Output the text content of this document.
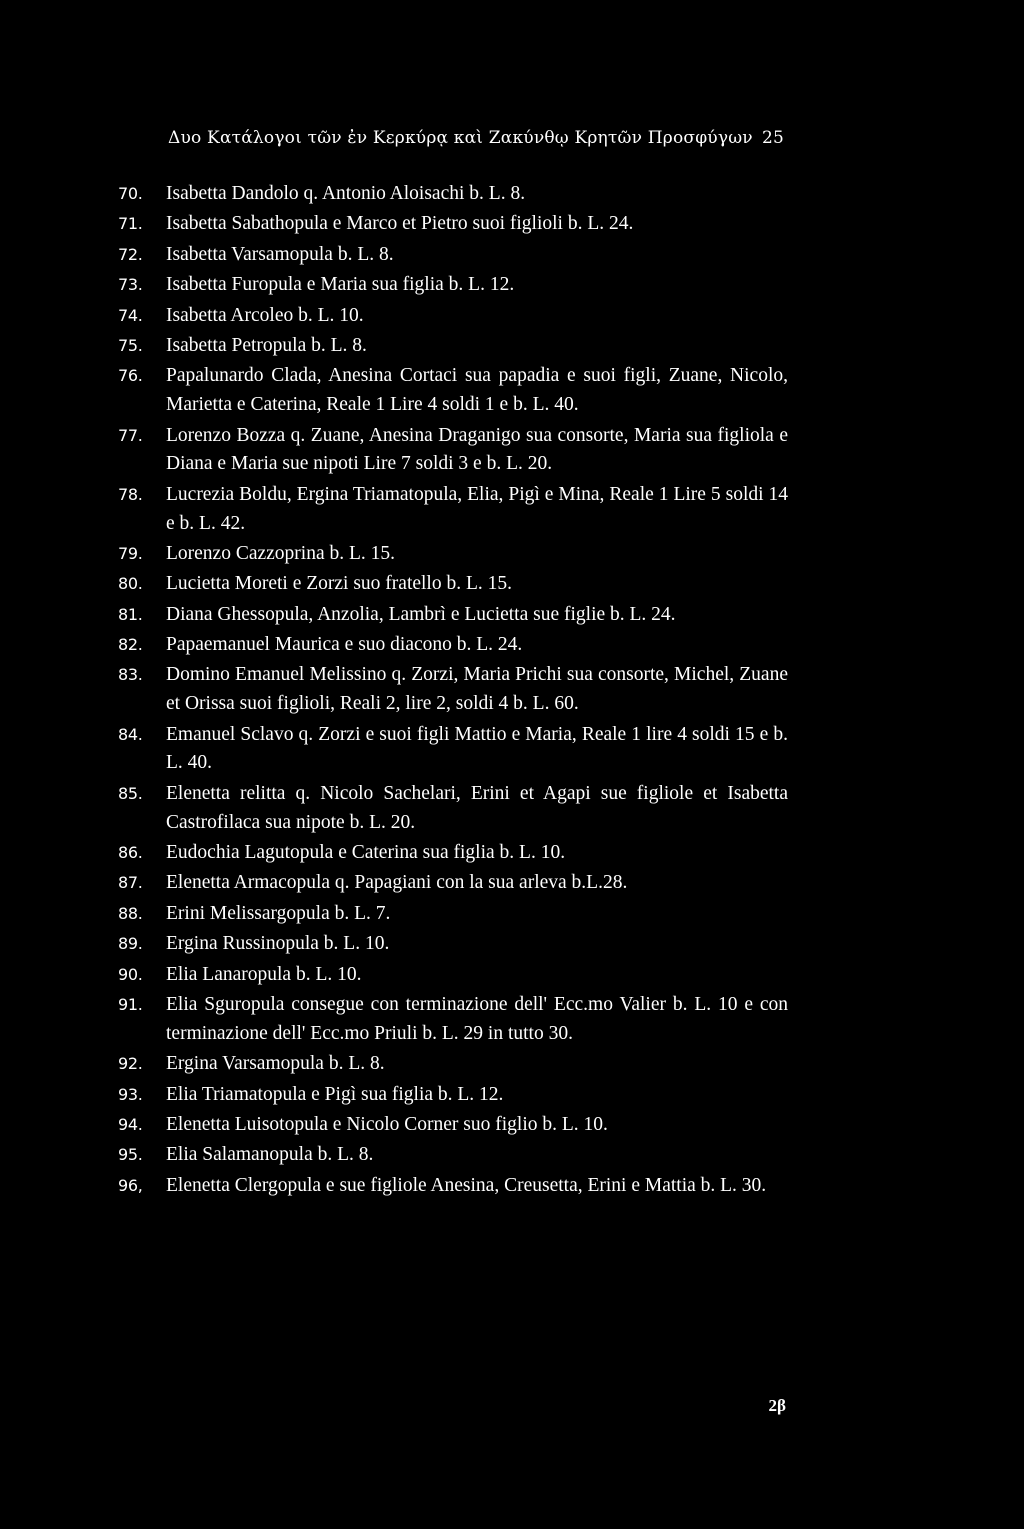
Δυο Κατάλογοι τῶν ἐν Κερκύρᾳ καὶ Ζακύνθῳ Κρητῶν Προσφύγων 25
70.	Isabetta Dandolo q. Antonio Aloisachi b. L. 8.
71.	Isabetta Sabathopula e Marco et Pietro suoi figlioli b. L. 24.
72.	Isabetta Varsamopula b. L. 8.
73.	Isabetta Furopula e Maria sua figlia b. L. 12.
74.	Isabetta Arcoleo b. L. 10.
75.	Isabetta Petropula b. L. 8.
76.	Papalunardo Clada, Anesina Cortaci sua papadia e suoi figli, Zuane, Nicolo, Marietta e Caterina, Reale 1 Lire 4 soldi 1 e b. L. 40.
77.	Lorenzo Bozza q. Zuane, Anesina Draganigo sua consorte, Maria sua figliola e Diana e Maria sue nipoti Lire 7 soldi 3 e b. L. 20.
78.	Lucrezia Boldu, Ergina Triamatopula, Elia, Pigì e Mina, Reale 1 Lire 5 soldi 14 e b. L. 42.
79.	Lorenzo Cazzoprina b. L. 15.
80.	Lucietta Moreti e Zorzi suo fratello b. L. 15.
81.	Diana Ghessopula, Anzolia, Lambrì e Lucietta sue figlie b. L. 24.
82.	Papaemanuel Maurica e suo diacono b. L. 24.
83.	Domino Emanuel Melissino q. Zorzi, Maria Prichi sua consorte, Michel, Zuane et Orissa suoi figlioli, Reali 2, lire 2, soldi 4 b. L. 60.
84.	Emanuel Sclavo q. Zorzi e suoi figli Mattio e Maria, Reale 1 lire 4 soldi 15 e b. L. 40.
85.	Elenetta relitta q. Nicolo Sachelari, Erini et Agapi sue figliole et Isabetta Castrofilaca sua nipote b. L. 20.
86.	Eudochia Lagutopula e Caterina sua figlia b. L. 10.
87.	Elenetta Armacopula q. Papagiani con la sua arleva b.L.28.
88.	Erini Melissargopula b. L. 7.
89.	Ergina Russinopula b. L. 10.
90.	Elia Lanaropula b. L. 10.
91.	Elia Sguropula consegue con terminazione dell' Ecc.mo Valier b. L. 10 e con terminazione dell' Ecc.mo Priuli b. L. 29 in tutto 30.
92.	Ergina Varsamopula b. L. 8.
93.	Elia Triamatopula e Pigì sua figlia b. L. 12.
94.	Elenetta Luisotopula e Nicolo Corner suo figlio b. L. 10.
95.	Elia Salamanopula b. L. 8.
96,	Elenetta Clergopula e sue figliole Anesina, Creusetta, Erini e Mattia b. L. 30.
2β
